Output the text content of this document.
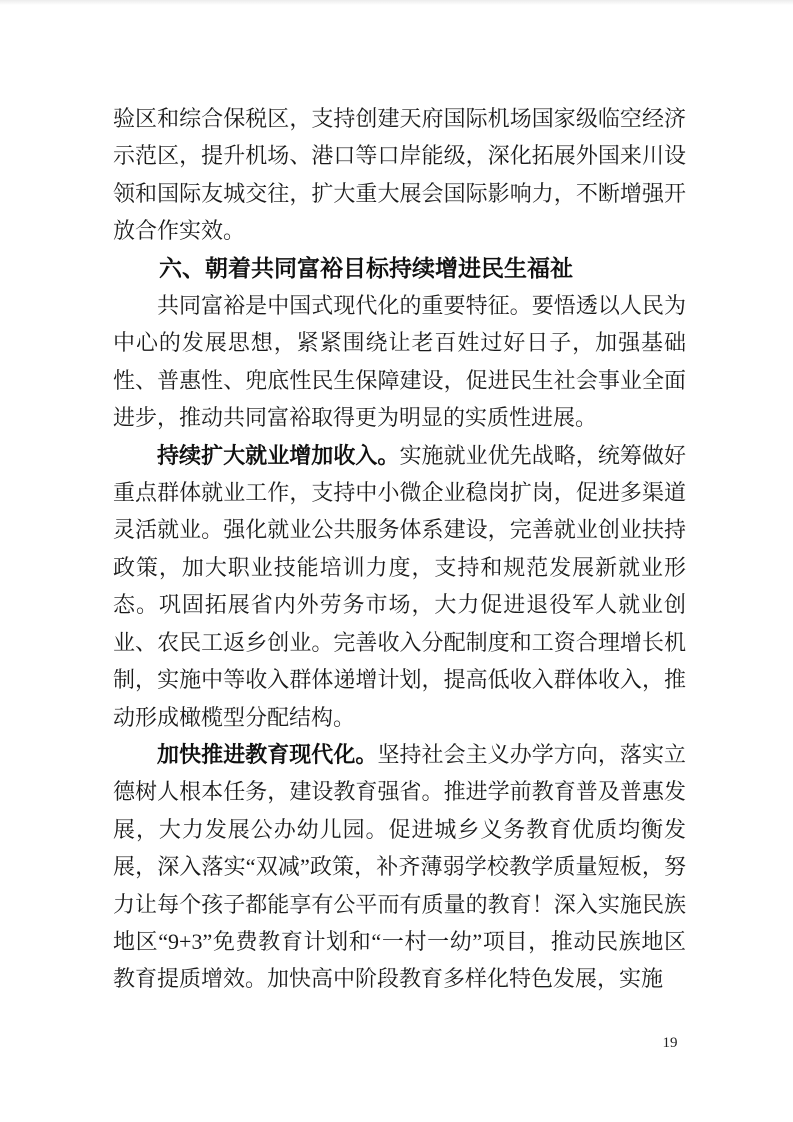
验区和综合保税区，支持创建天府国际机场国家级临空经济示范区，提升机场、港口等口岸能级，深化拓展外国来川设领和国际友城交往，扩大重大展会国际影响力，不断增强开放合作实效。

六、朝着共同富裕目标持续增进民生福祉

共同富裕是中国式现代化的重要特征。要悟透以人民为中心的发展思想，紧紧围绕让老百姓过好日子，加强基础性、普惠性、兜底性民生保障建设，促进民生社会事业全面进步，推动共同富裕取得更为明显的实质性进展。

持续扩大就业增加收入。实施就业优先战略，统筹做好重点群体就业工作，支持中小微企业稳岗扩岗，促进多渠道灵活就业。强化就业公共服务体系建设，完善就业创业扶持政策，加大职业技能培训力度，支持和规范发展新就业形态。巩固拓展省内外劳务市场，大力促进退役军人就业创业、农民工返乡创业。完善收入分配制度和工资合理增长机制，实施中等收入群体递增计划，提高低收入群体收入，推动形成橄榄型分配结构。

加快推进教育现代化。坚持社会主义办学方向，落实立德树人根本任务，建设教育强省。推进学前教育普及普惠发展，大力发展公办幼儿园。促进城乡义务教育优质均衡发展，深入落实“双减”政策，补齐薄弱学校教学质量短板，努力让每个孩子都能享有公平而有质量的教育！深入实施民族地区“9+3”免费教育计划和“一村一幼”项目，推动民族地区教育提质增效。加快高中阶段教育多样化特色发展，实施

19
